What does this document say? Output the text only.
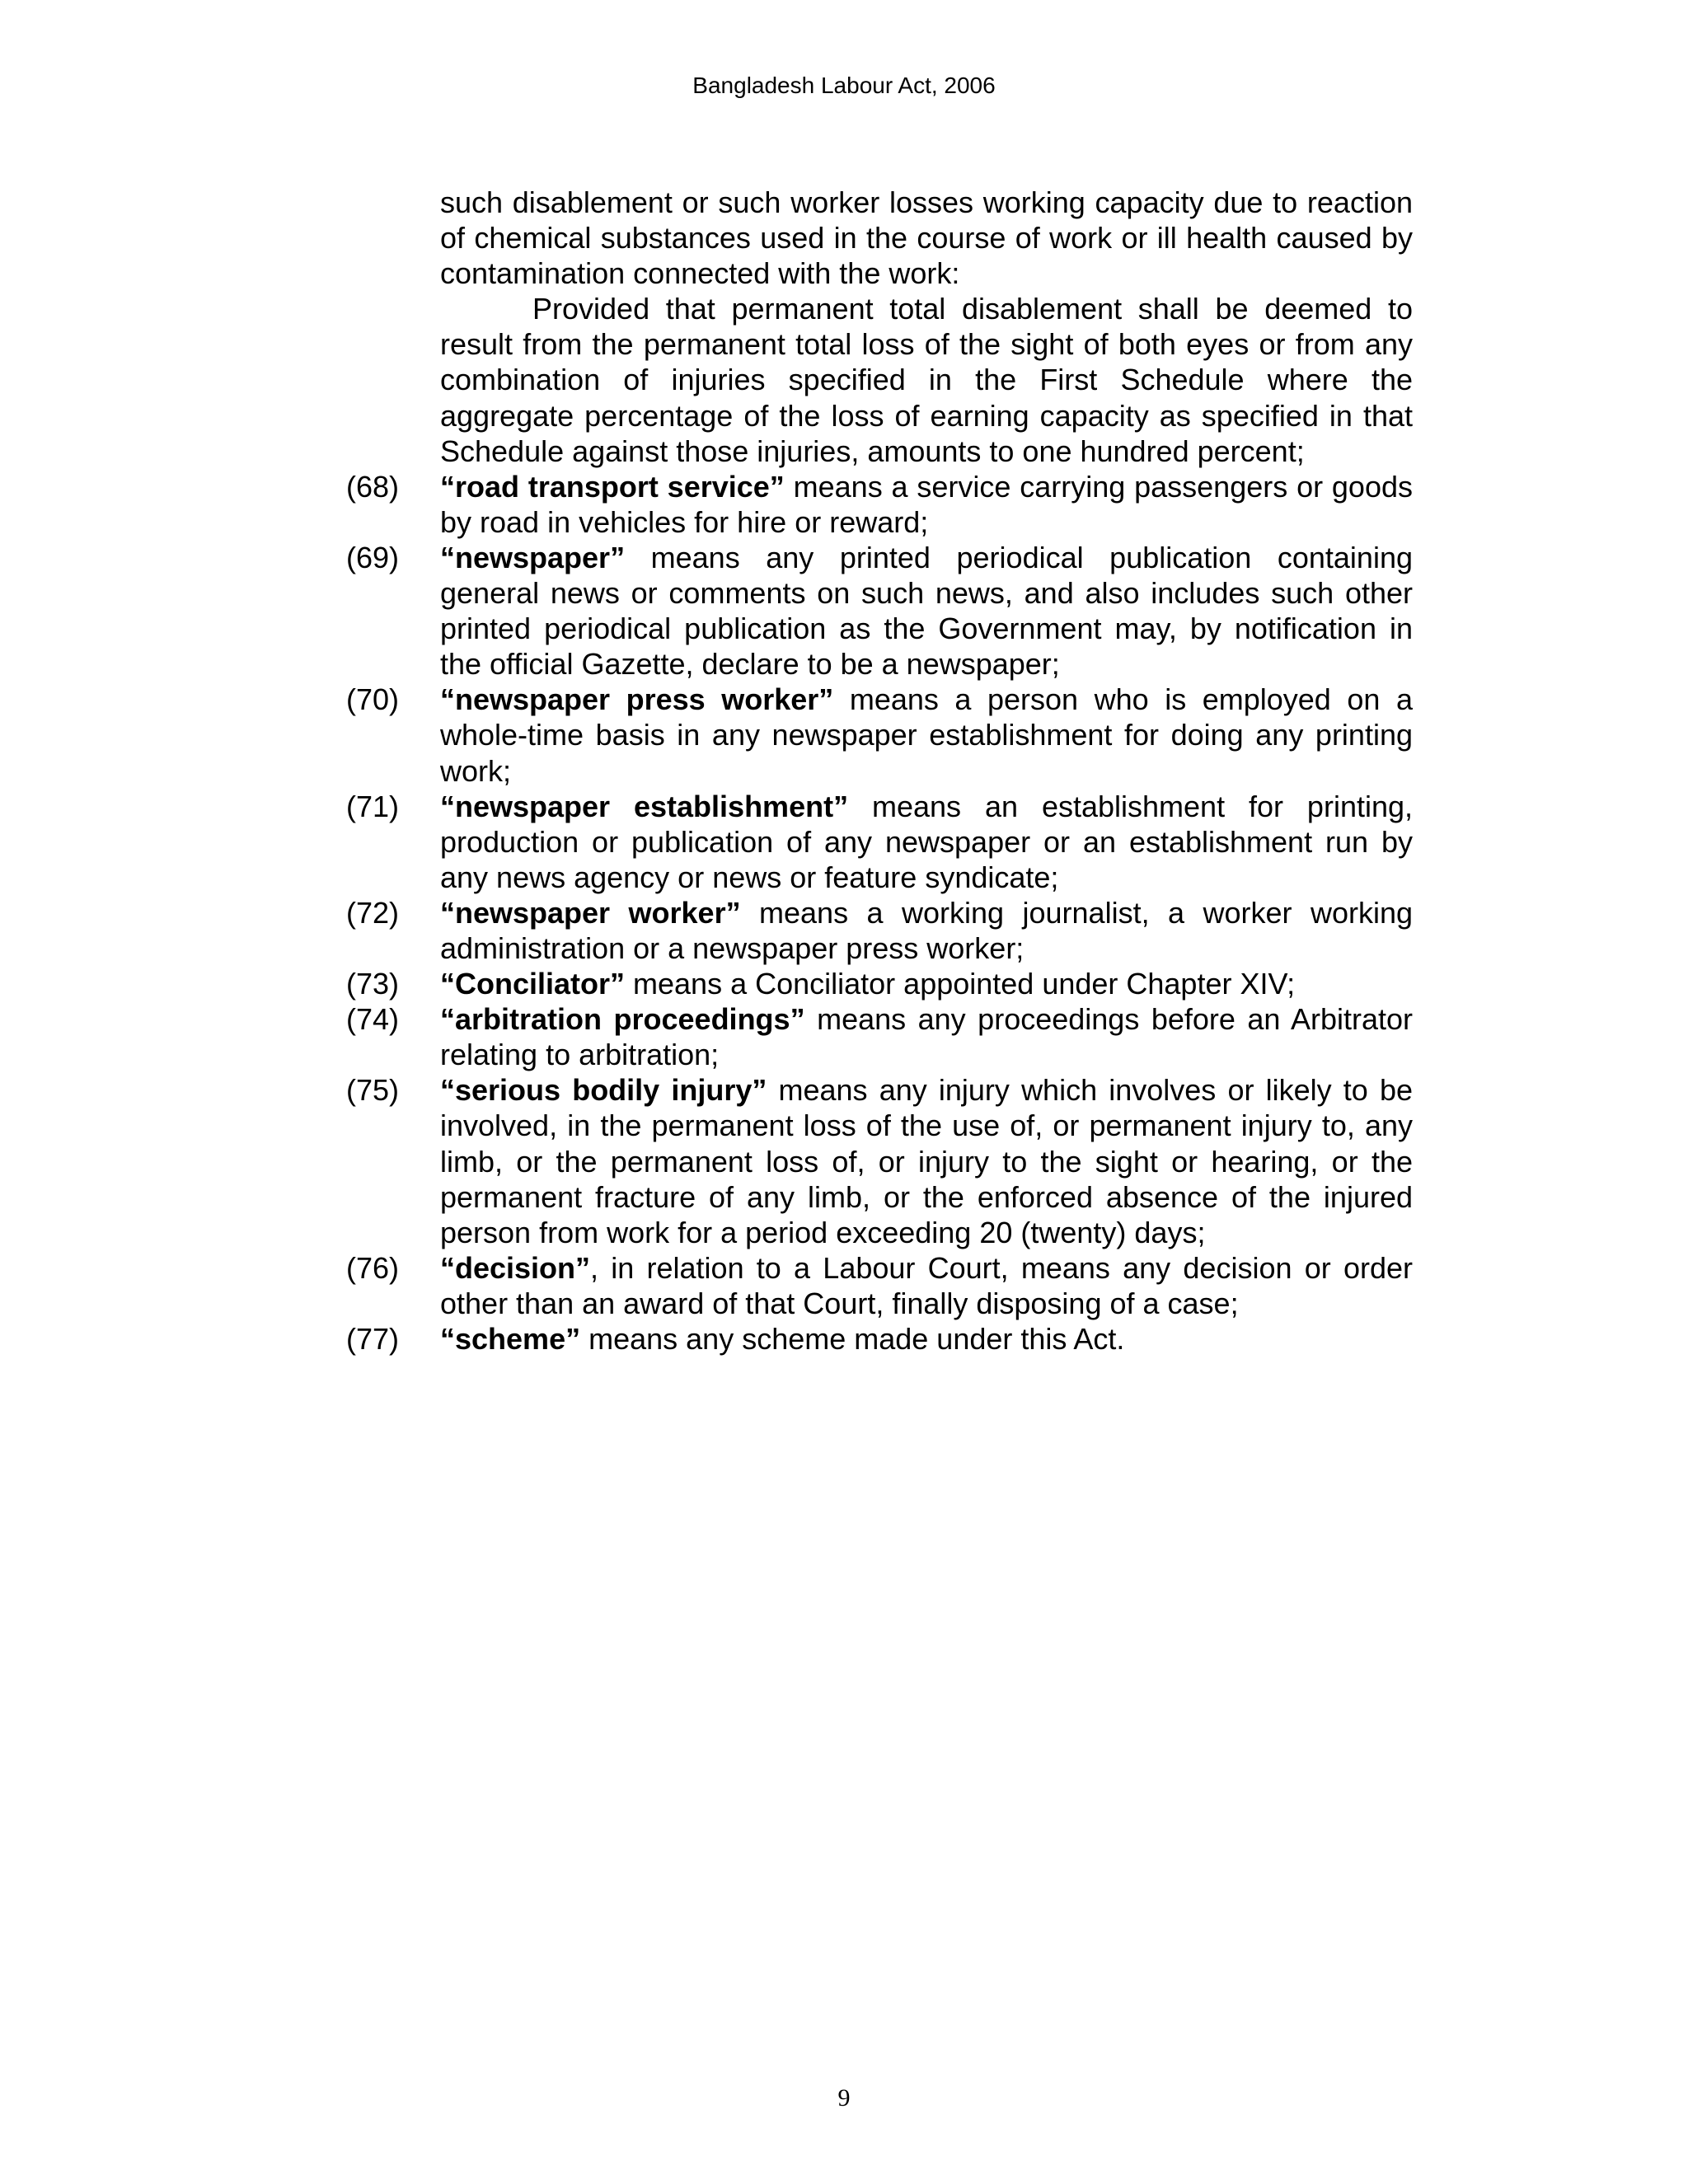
Bangladesh Labour Act, 2006
such disablement or such worker losses working capacity due to reaction of chemical substances used in the course of work or ill health caused by contamination connected with the work:
Provided that permanent total disablement shall be deemed to result from the permanent total loss of the sight of both eyes or from any combination of injuries specified in the First Schedule where the aggregate percentage of the loss of earning capacity as specified in that Schedule against those injuries, amounts to one hundred percent;
(68)	“road transport service” means a service carrying passengers or goods by road in vehicles for hire or reward;
(69)	“newspaper” means any printed periodical publication containing general news or comments on such news, and also includes such other printed periodical publication as the Government may, by notification in the official Gazette, declare to be a newspaper;
(70)	“newspaper press worker” means a person who is employed on a whole-time basis in any newspaper establishment for doing any printing work;
(71)	“newspaper establishment” means an establishment for printing, production or publication of any newspaper or an establishment run by any news agency or news or feature syndicate;
(72)	“newspaper worker” means a working journalist, a worker working administration or a newspaper press worker;
(73)	“Conciliator” means a Conciliator appointed under Chapter XIV;
(74)	“arbitration proceedings” means any proceedings before an Arbitrator relating to arbitration;
(75)	“serious bodily injury” means any injury which involves or likely to be involved, in the permanent loss of the use of, or permanent injury to, any limb, or the permanent loss of, or injury to the sight or hearing, or the permanent fracture of any limb, or the enforced absence of the injured person from work for a period exceeding 20 (twenty) days;
(76)	“decision”, in relation to a Labour Court, means any decision or order other than an award of that Court, finally disposing of a case;
(77)	“scheme” means any scheme made under this Act.
9
